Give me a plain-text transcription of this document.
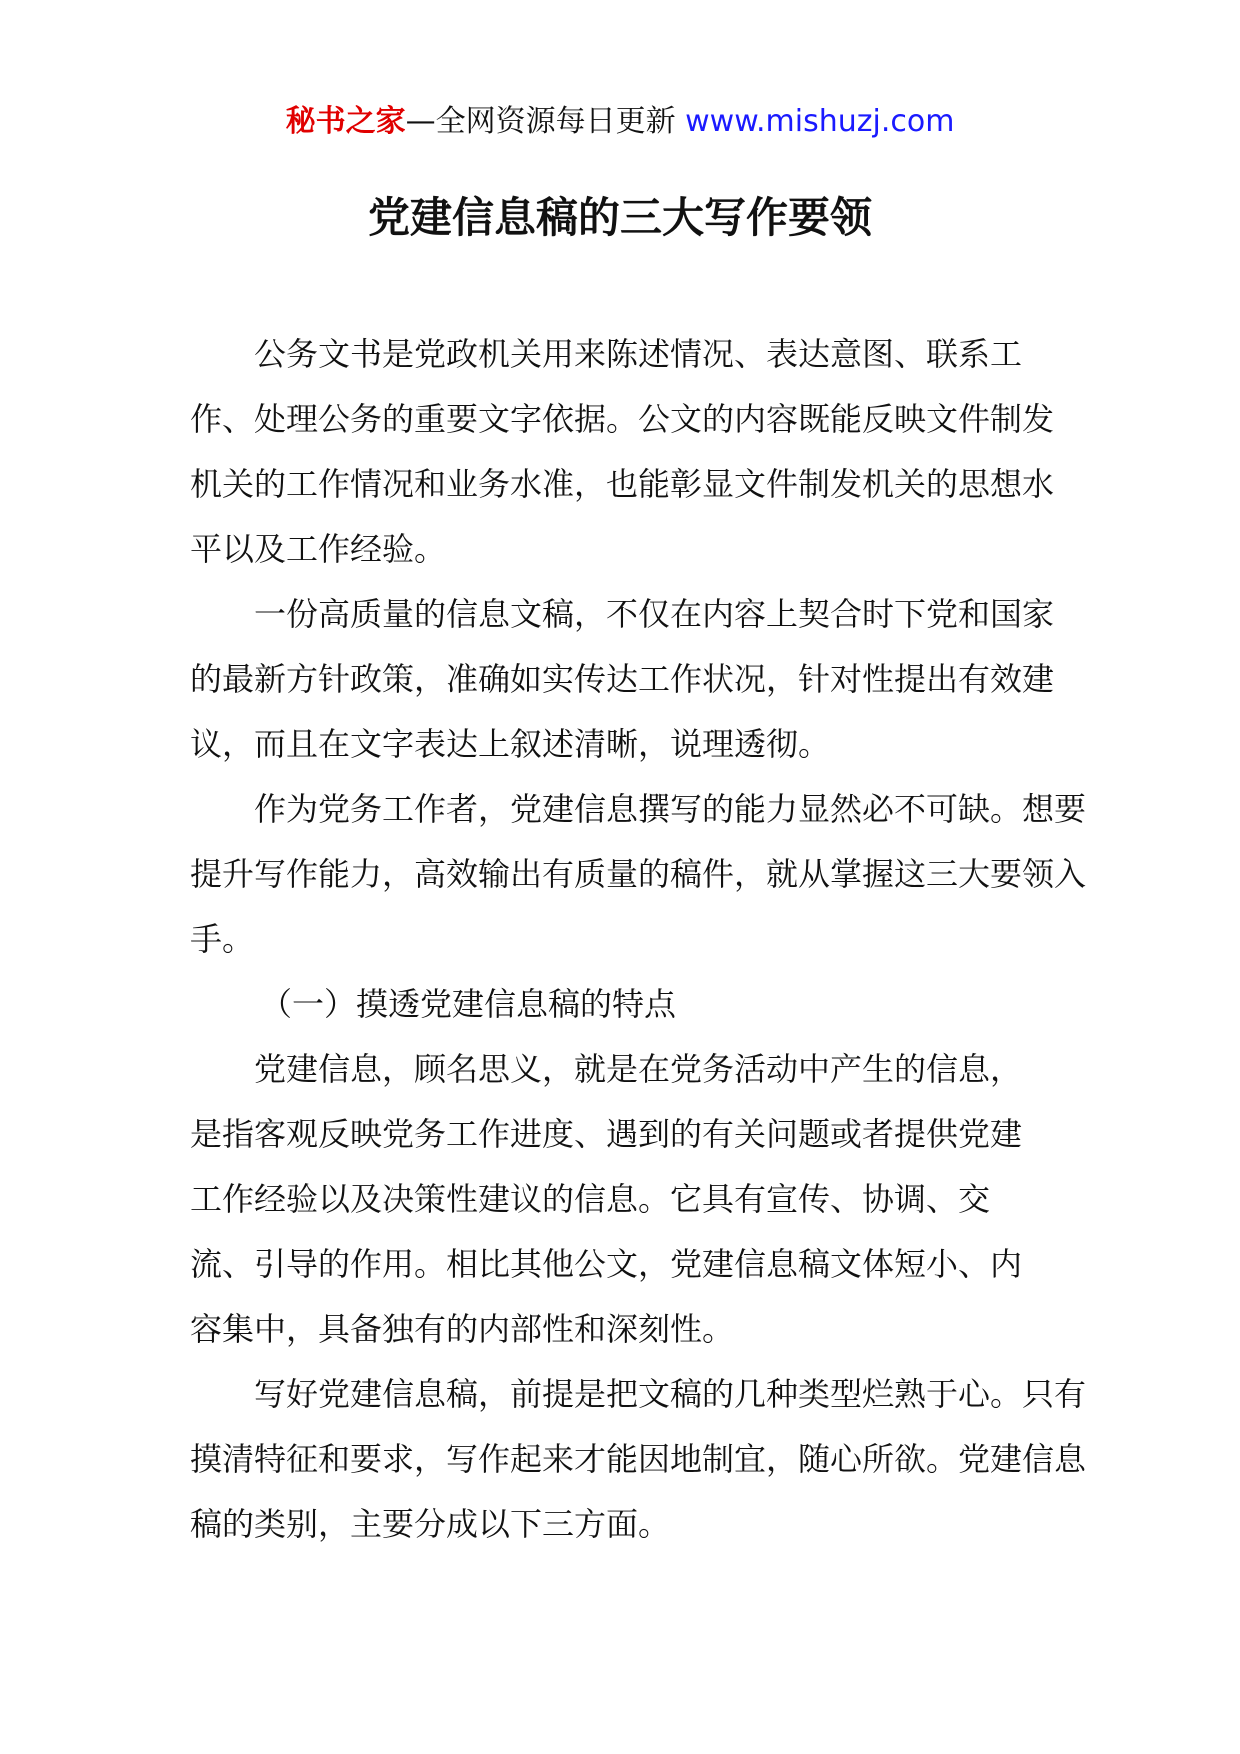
秘书之家—全网资源每日更新 www.mishuzj.com
党建信息稿的三大写作要领

公务文书是党政机关用来陈述情况、表达意图、联系工作、处理公务的重要文字依据。公文的内容既能反映文件制发机关的工作情况和业务水准，也能彰显文件制发机关的思想水平以及工作经验。

一份高质量的信息文稿，不仅在内容上契合时下党和国家的最新方针政策，准确如实传达工作状况，针对性提出有效建议，而且在文字表达上叙述清晰，说理透彻。

作为党务工作者，党建信息撰写的能力显然必不可缺。想要提升写作能力，高效输出有质量的稿件，就从掌握这三大要领入手。

（一）摸透党建信息稿的特点

党建信息，顾名思义，就是在党务活动中产生的信息，是指客观反映党务工作进度、遇到的有关问题或者提供党建工作经验以及决策性建议的信息。它具有宣传、协调、交流、引导的作用。相比其他公文，党建信息稿文体短小、内容集中，具备独有的内部性和深刻性。

写好党建信息稿，前提是把文稿的几种类型烂熟于心。只有摸清特征和要求，写作起来才能因地制宜，随心所欲。党建信息稿的类别，主要分成以下三方面。
